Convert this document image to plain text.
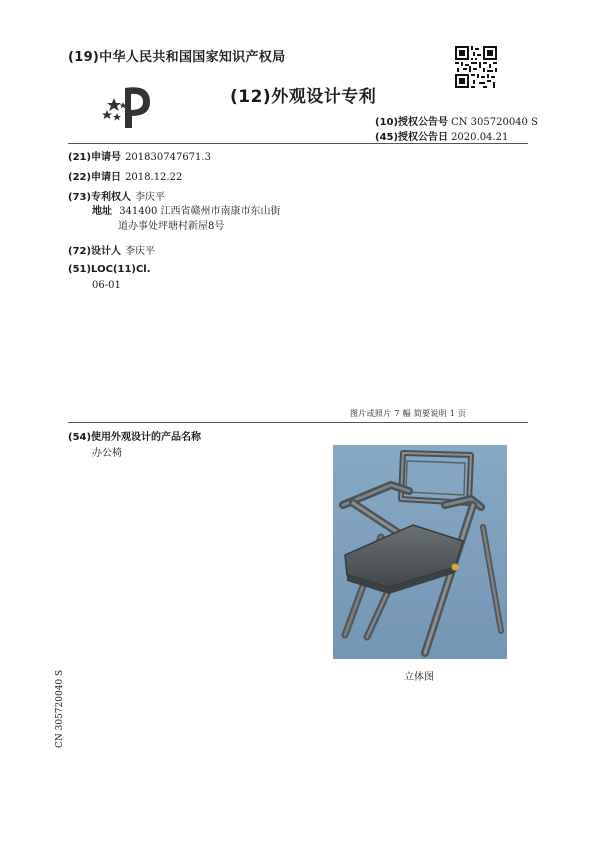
(19)中华人民共和国国家知识产权局
(12)外观设计专利
(10)授权公告号 CN 305720040 S
(45)授权公告日 2020.04.21
(21)申请号 201830747671.3
(22)申请日 2018.12.22
(73)专利权人 李庆平
地址 341400 江西省赣州市南康市东山街
道办事处坪塘村新屋8号
(72)设计人 李庆平
(51)LOC(11)Cl.
06-01
图片或照片 7 幅 简要说明 1 页
(54)使用外观设计的产品名称
办公椅
立体图
CN 305720040 S
